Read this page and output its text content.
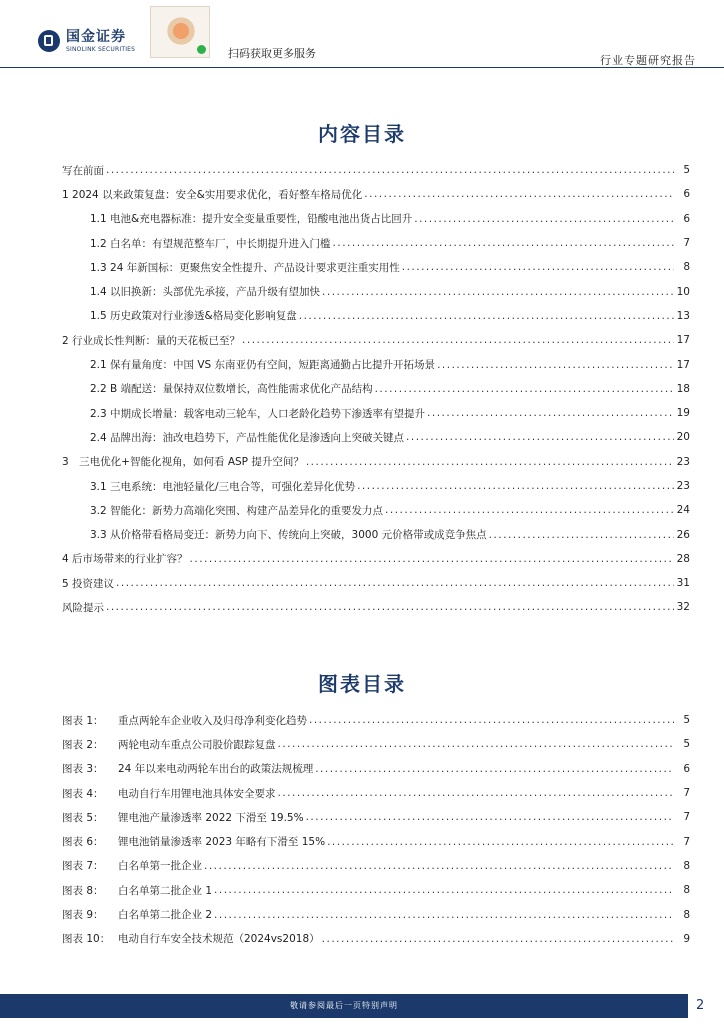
国金证券
SINOLINK SECURITIES	扫码获取更多服务
行业专题研究报告
内容目录
写在前面 .....	5
1 2024 以来政策复盘：安全&实用要求优化，看好整车格局优化 .....	6
1.1 电池&充电器标准：提升安全变量重要性，铅酸电池出货占比回升 .....	6
1.2 白名单：有望规范整车厂，中长期提升进入门槛 .....	7
1.3 24 年新国标：更聚焦安全性提升、产品设计要求更注重实用性 .....	8
1.4 以旧换新：头部优先承接，产品升级有望加快 .....	10
1.5 历史政策对行业渗透&格局变化影响复盘 .....	13
2 行业成长性判断：量的天花板已至？ .....	17
2.1 保有量角度：中国 VS 东南亚仍有空间，短距离通勤占比提升开拓场景 .....	17
2.2 B 端配送：量保持双位数增长，高性能需求优化产品结构 .....	18
2.3 中期成长增量：载客电动三轮车，人口老龄化趋势下渗透率有望提升 .....	19
2.4 品牌出海：油改电趋势下，产品性能优化是渗透向上突破关键点 .....	20
3　三电优化+智能化视角，如何看 ASP 提升空间？ .....	23
3.1 三电系统：电池轻量化/三电合等，可强化差异化优势 .....	23
3.2 智能化：新势力高端化突围、构建产品差异化的重要发力点 .....	24
3.3 从价格带看格局变迁：新势力向下、传统向上突破，3000 元价格带或成竞争焦点 .....	26
4 后市场带来的行业扩容？ .....	28
5 投资建议 .....	31
风险提示 .....	32
图表目录
图表 1：	重点两轮车企业收入及归母净利变化趋势 .....	5
图表 2：	两轮电动车重点公司股价跟踪复盘 .....	5
图表 3：	24 年以来电动两轮车出台的政策法规梳理 .....	6
图表 4：	电动自行车用锂电池具体安全要求 .....	7
图表 5：	锂电池产量渗透率 2022 下滑至 19.5% .....	7
图表 6：	锂电池销量渗透率 2023 年略有下滑至 15% .....	7
图表 7：	白名单第一批企业 .....	8
图表 8：	白名单第二批企业 1 .....	8
图表 9：	白名单第二批企业 2 .....	8
图表 10： 电动自行车安全技术规范（2024vs2018） .....	9
敬请参阅最后一页特别声明	2
